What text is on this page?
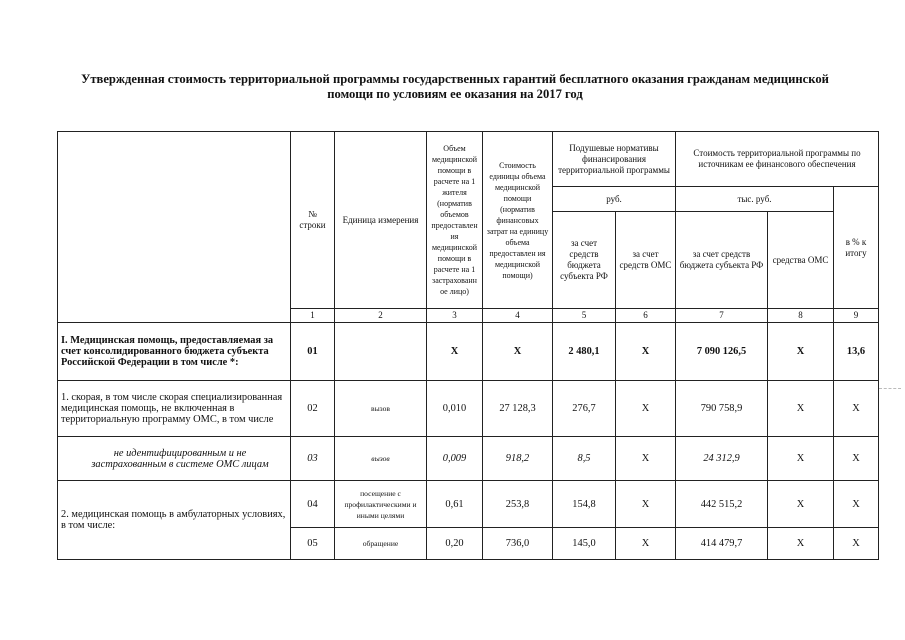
Утвержденная стоимость территориальной программы государственных гарантий бесплатного оказания гражданам медицинской
помощи по условиям ее оказания на 2017 год
	№ строки	Единица измерения	Объем медицинской помощи в расчете на 1 жителя (норматив объемов предоставлен ия медицинской помощи в расчете на 1 застрахованн ое лицо)	Стоимость единицы объема медицинской помощи (норматив финансовых затрат на единицу объема предоставлен ия медицинской помощи)	Подушевые нормативы финансирования территориальной программы		Стоимость территориальной программы по источникам ее финансового обеспечения		
					руб.		тыс. руб.		в % к итогу
					за счет средств бюджета субъекта РФ	за счет средств ОМС	за счет средств бюджета субъекта РФ	средства ОМС	
	1	2	3	4	5	6	7	8	9
I. Медицинская помощь, предоставляемая за счет консолидированного бюджета субъекта Российской Федерации в том числе *:	01		Х	Х	2 480,1	Х	7 090 126,5	Х	13,6
1. скорая, в том числе скорая специализированная медицинская помощь, не включенная в территориальную программу ОМС, в том числе	02	вызов	0,010	27 128,3	276,7	Х	790 758,9	Х	Х
не идентифицированным и не застрахованным в системе ОМС лицам	03	вызов	0,009	918,2	8,5	Х	24 312,9	Х	Х
2. медицинская помощь в амбулаторных условиях, в том числе:	04	посещение с профилактическими и иными целями	0,61	253,8	154,8	Х	442 515,2	Х	Х
	05	обращение	0,20	736,0	145,0	Х	414 479,7	Х	Х
